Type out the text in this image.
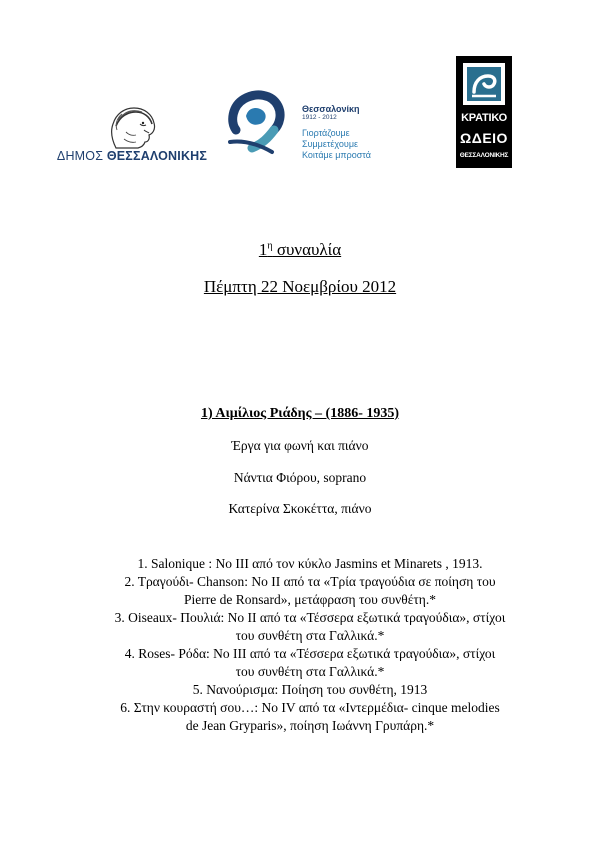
ΔΗΜΟΣ ΘΕΣΣΑΛΟΝΙΚΗΣ
Θεσσαλονίκη
1912 - 2012
Γιορτάζουμε
Συμμετέχουμε
Κοιτάμε μπροστά
ΚΡΑΤΙΚΟ
ΩΔΕΙΟ
ΘΕΣΣΑΛΟΝΙΚΗΣ
$1^\eta$ συναυλία
Πέμπτη 22 Νοεμβρίου 2012
1) Αιμίλιος Ριάδης – (1886- 1935)
Έργα για φωνή και πιάνο
Νάντια Φιόρου, soprano
Κατερίνα Σκοκέττα, πιάνο
1. Salonique : No III από τον κύκλο Jasmins et Minarets , 1913.
2. Τραγούδι- Chanson: No II από τα «Τρία τραγούδια σε ποίηση του
Pierre de Ronsard», μετάφραση του συνθέτη.*
3. Oiseaux- Πουλιά: No II από τα «Τέσσερα εξωτικά τραγούδια», στίχοι
του συνθέτη στα Γαλλικά.*
4. Roses- Ρόδα: No III από τα «Τέσσερα εξωτικά τραγούδια», στίχοι
του συνθέτη στα Γαλλικά.*
5. Νανούρισμα: Ποίηση του συνθέτη, 1913
6. Στην κουραστή σου…: No IV από τα «Ιντερμέδια- cinque melodies
de Jean Gryparis», ποίηση Ιωάννη Γρυπάρη.*
